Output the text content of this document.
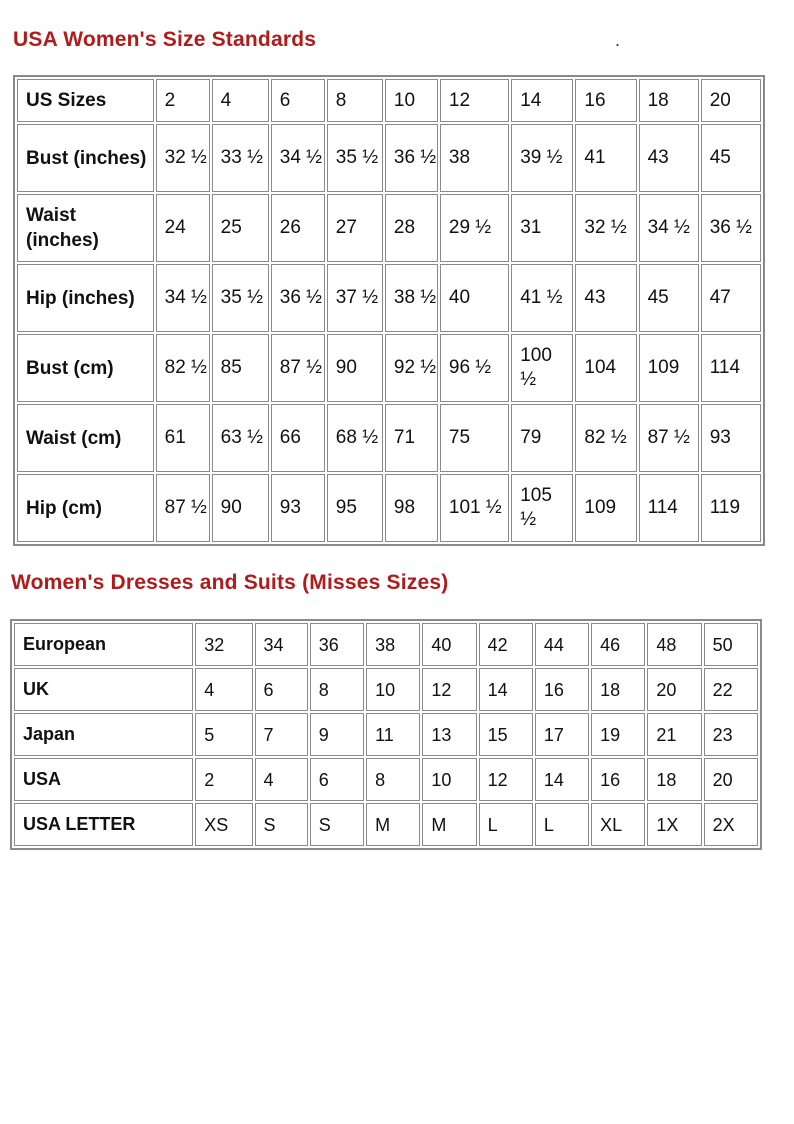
USA Women's Size Standards	.
US Sizes	2	4	6	8	10	12	14	16	18	20
Bust (inches)	32 ½	33 ½	34 ½	35 ½	36 ½	38	39 ½	41	43	45
Waist (inches)	24	25	26	27	28	29 ½	31	32 ½	34 ½	36 ½
Hip (inches)	34 ½	35 ½	36 ½	37 ½	38 ½	40	41 ½	43	45	47
Bust (cm)	82 ½	85	87 ½	90	92 ½	96 ½	100 ½	104	109	114
Waist (cm)	61	63 ½	66	68 ½	71	75	79	82 ½	87 ½	93
Hip (cm)	87 ½	90	93	95	98	101 ½	105 ½	109	114	119
Women's Dresses and Suits (Misses Sizes)
European	32	34	36	38	40	42	44	46	48	50
UK	4	6	8	10	12	14	16	18	20	22
Japan	5	7	9	11	13	15	17	19	21	23
USA	2	4	6	8	10	12	14	16	18	20
USA LETTER	XS	S	S	M	M	L	L	XL	1X	2X
